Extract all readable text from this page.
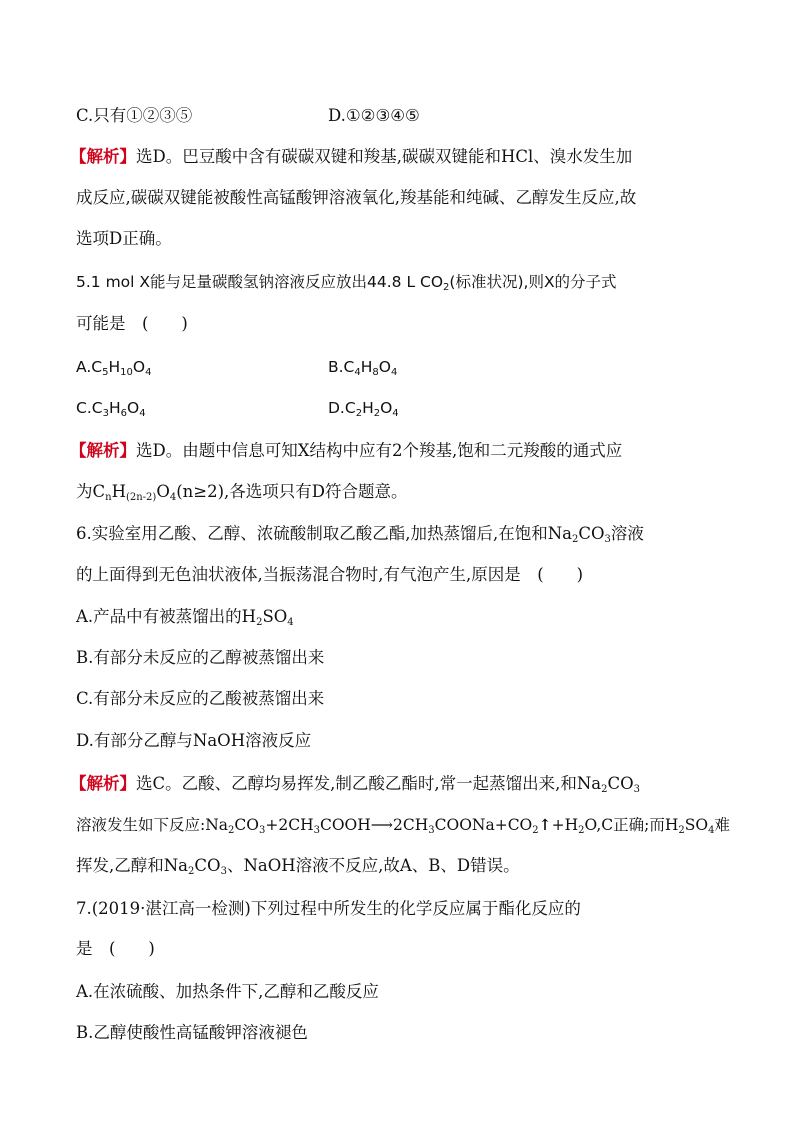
C.只有①②③⑤	D.①②③④⑤
【解析】选D。巴豆酸中含有碳碳双键和羧基,碳碳双键能和HCl、溴水发生加
成反应,碳碳双键能被酸性高锰酸钾溶液氧化,羧基能和纯碱、乙醇发生反应,故
选项D正确。
5.1 mol X能与足量碳酸氢钠溶液反应放出44.8 L $CO_2$(标准状况),则X的分子式
可能是　(　　)
$A.C_5H_{10}O_4$	$B.C_4H_8O_4$
$C.C_3H_6O_4$	$D.C_2H_2O_4$
【解析】选D。由题中信息可知X结构中应有2个羧基,饱和二元羧酸的通式应
为$C_nH_{(2n-2)}O_4(n\ge 2)$,各选项只有D符合题意。
6.实验室用乙酸、乙醇、浓硫酸制取乙酸乙酯,加热蒸馏后,在饱和$Na_2CO_3$溶液
的上面得到无色油状液体,当振荡混合物时,有气泡产生,原因是　(　　)
A.产品中有被蒸馏出的$H_2SO_4$
B.有部分未反应的乙醇被蒸馏出来
C.有部分未反应的乙酸被蒸馏出来
D.有部分乙醇与NaOH溶液反应
【解析】选C。乙酸、乙醇均易挥发,制乙酸乙酯时,常一起蒸馏出来,和$Na_2CO_3$
溶液发生如下反应$:Na_2CO_3+2CH_3COOH⟶2CH_3COONa+CO_2↑+H_2O,C$正确;而$H_2SO_4$难
挥发,乙醇和$Na_2CO_3$、NaOH溶液不反应,故A、B、D错误。
7.(2019·湛江高一检测)下列过程中所发生的化学反应属于酯化反应的
是　(　　)
A.在浓硫酸、加热条件下,乙醇和乙酸反应
B.乙醇使酸性高锰酸钾溶液褪色
